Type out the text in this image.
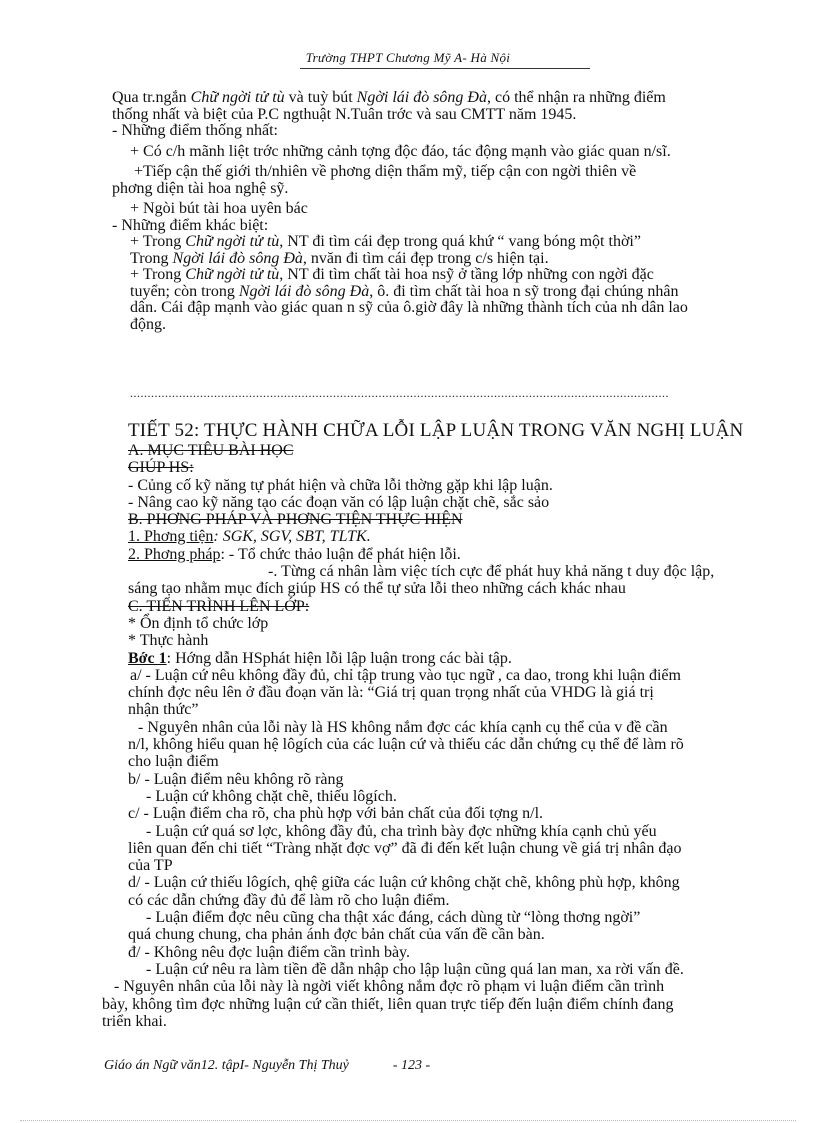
Trường THPT Chương Mỹ A- Hà Nội
Qua tr.ngắn Chữ ngời tử tù và tuỳ bút Ngời lái đò sông Đà, có thể nhận ra những điểm
thống nhất và biệt của P.C ngthuật N.Tuân trớc và sau CMTT năm 1945.
- Những điểm thống nhất:
+ Có c/h mãnh liệt trớc những cảnh tợng độc đáo, tác động mạnh vào giác quan n/sĩ.
+Tiếp cận thế giới th/nhiên về phơng diện thẩm mỹ, tiếp cận con ngời thiên về
phơng diện tài hoa nghệ sỹ.
+ Ngòi bút tài hoa uyên bác
- Những điểm khác biệt:
+ Trong Chữ ngời tử tù, NT đi tìm cái đẹp trong quá khứ “ vang bóng một thời”
Trong Ngời lái đò sông Đà, nvăn đi tìm cái đẹp trong c/s hiện tại.
+ Trong Chữ ngời tử tù, NT đi tìm chất tài hoa nsỹ ở tầng lớp những con ngời đặc
tuyển; còn trong Ngời lái đò sông Đà, ô. đi tìm chất tài hoa n sỹ trong đại chúng nhân
dân. Cái đập mạnh vào giác quan n sỹ của ô.giờ đây là những thành tích của nh dân lao
động.
..........................................................................................................................................................
TIẾT 52: THỰC HÀNH CHỮA LỖI LẬP LUẬN TRONG VĂN NGHỊ LUẬN
A. MỤC TIÊU BÀI HỌC
GIÚP HS:
- Củng cố kỹ năng tự phát hiện và chữa lỗi thờng gặp khi lập luận.
- Nâng cao kỹ năng tạo các đoạn văn có lập luận chặt chẽ, sắc sảo
B. PHƠNG PHÁP VÀ PHƠNG TIỆN THỰC HIỆN
1. Phơng tiện: SGK, SGV, SBT, TLTK.
2. Phơng pháp: - Tổ chức thảo luận để phát hiện lỗi.
-. Từng cá nhân làm việc tích cực để phát huy khả năng t duy độc lập,
sáng tạo nhằm mục đích giúp HS có thể tự sửa lỗi theo những cách khác nhau
C. TIẾN TRÌNH LÊN LỚP:
* Ổn định tổ chức lớp
* Thực hành
Bớc 1: Hớng dẫn HSphát hiện lỗi lập luận trong các bài tập.
a/ - Luận cứ nêu không đầy đủ, chỉ tập trung vào tục ngữ , ca dao, trong khi luận điểm
chính đợc nêu lên ở đầu đoạn văn là: “Giá trị quan trọng nhất của VHDG là giá trị
nhận thức”
- Nguyên nhân của lỗi này là HS không nắm đợc các khía cạnh cụ thể của v đề cần
n/l, không hiểu quan hệ lôgích của các luận cứ và thiếu các dẫn chứng cụ thể để làm rõ
cho luận điểm
b/ - Luận điểm nêu không rõ ràng
- Luận cứ không chặt chẽ, thiếu lôgích.
c/ - Luận điểm cha rõ, cha phù hợp với bản chất của đối tợng n/l.
- Luận cứ quá sơ lợc, không đầy đủ, cha trình bày đợc những khía cạnh chủ yếu
liên quan đến chi tiết “Tràng nhặt đợc vợ” đã đi đến kết luận chung về giá trị nhân đạo
của TP
d/ - Luận cứ thiếu lôgích, qhệ giữa các luận cứ không chặt chẽ, không phù hợp, không
có các dẫn chứng đầy đủ để làm rõ cho luận điểm.
- Luận điểm đợc nêu cũng cha thật xác đáng, cách dùng từ “lòng thơng ngời”
quá chung chung, cha phản ánh đợc bản chất của vấn đề cần bàn.
đ/ - Không nêu đợc luận điểm cần trình bày.
- Luận cứ nêu ra làm tiền đề dẫn nhập cho lập luận cũng quá lan man, xa rời vấn đề.
- Nguyên nhân của lỗi này là ngời viết không nắm đợc rõ phạm vi luận điểm cần trình
bày, không tìm đợc những luận cứ cần thiết, liên quan trực tiếp đến luận điểm chính đang
triển khai.
Giáo án Ngữ văn12. tậpI- Nguyễn Thị Thuỷ	- 123 -
